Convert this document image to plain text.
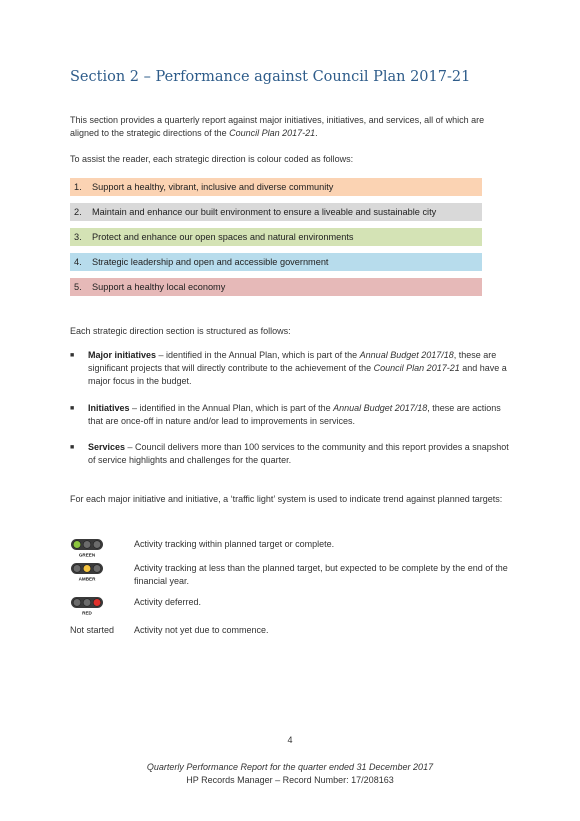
Section 2 – Performance against Council Plan 2017-21
This section provides a quarterly report against major initiatives, initiatives, and services, all of which are aligned to the strategic directions of the Council Plan 2017-21.
To assist the reader, each strategic direction is colour coded as follows:
1. Support a healthy, vibrant, inclusive and diverse community
2. Maintain and enhance our built environment to ensure a liveable and sustainable city
3. Protect and enhance our open spaces and natural environments
4. Strategic leadership and open and accessible government
5. Support a healthy local economy
Each strategic direction section is structured as follows:
■ Major initiatives – identified in the Annual Plan, which is part of the Annual Budget 2017/18, these are significant projects that will directly contribute to the achievement of the Council Plan 2017-21 and have a major focus in the budget.
■ Initiatives – identified in the Annual Plan, which is part of the Annual Budget 2017/18, these are actions that are once-off in nature and/or lead to improvements in services.
■ Services – Council delivers more than 100 services to the community and this report provides a snapshot of service highlights and challenges for the quarter.
For each major initiative and initiative, a ‘traffic light’ system is used to indicate trend against planned targets:
GREEN
Activity tracking within planned target or complete.
AMBER
Activity tracking at less than the planned target, but expected to be complete by the end of the financial year.
RED
Activity deferred.
Not started Activity not yet due to commence.
4
Quarterly Performance Report for the quarter ended 31 December 2017
HP Records Manager – Record Number: 17/208163
